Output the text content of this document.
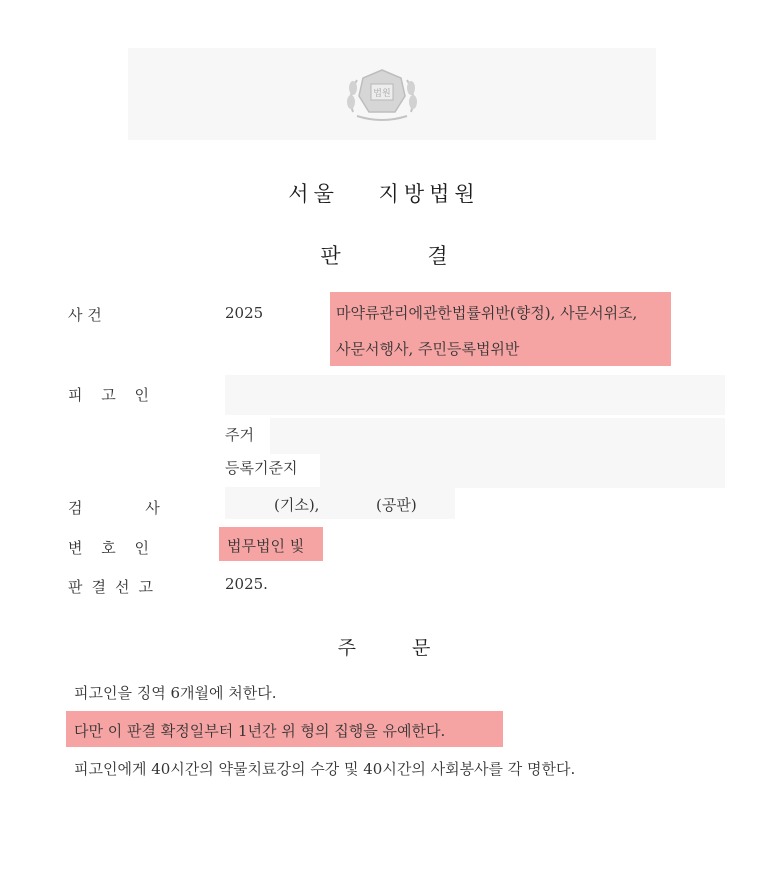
법원
서울 지방법원
판 결
사 건	2025	마약류관리에관한법률위반(향정), 사문서위조,
사문서행사, 주민등록법위반
피 고 인
주거
등록기준지
검 사	(기소),	(공판)
변 호 인	법무법인 빛
판결선고	2025.
주 문
피고인을 징역 6개월에 처한다.
다만 이 판결 확정일부터 1년간 위 형의 집행을 유예한다.
피고인에게 40시간의 약물치료강의 수강 및 40시간의 사회봉사를 각 명한다.
